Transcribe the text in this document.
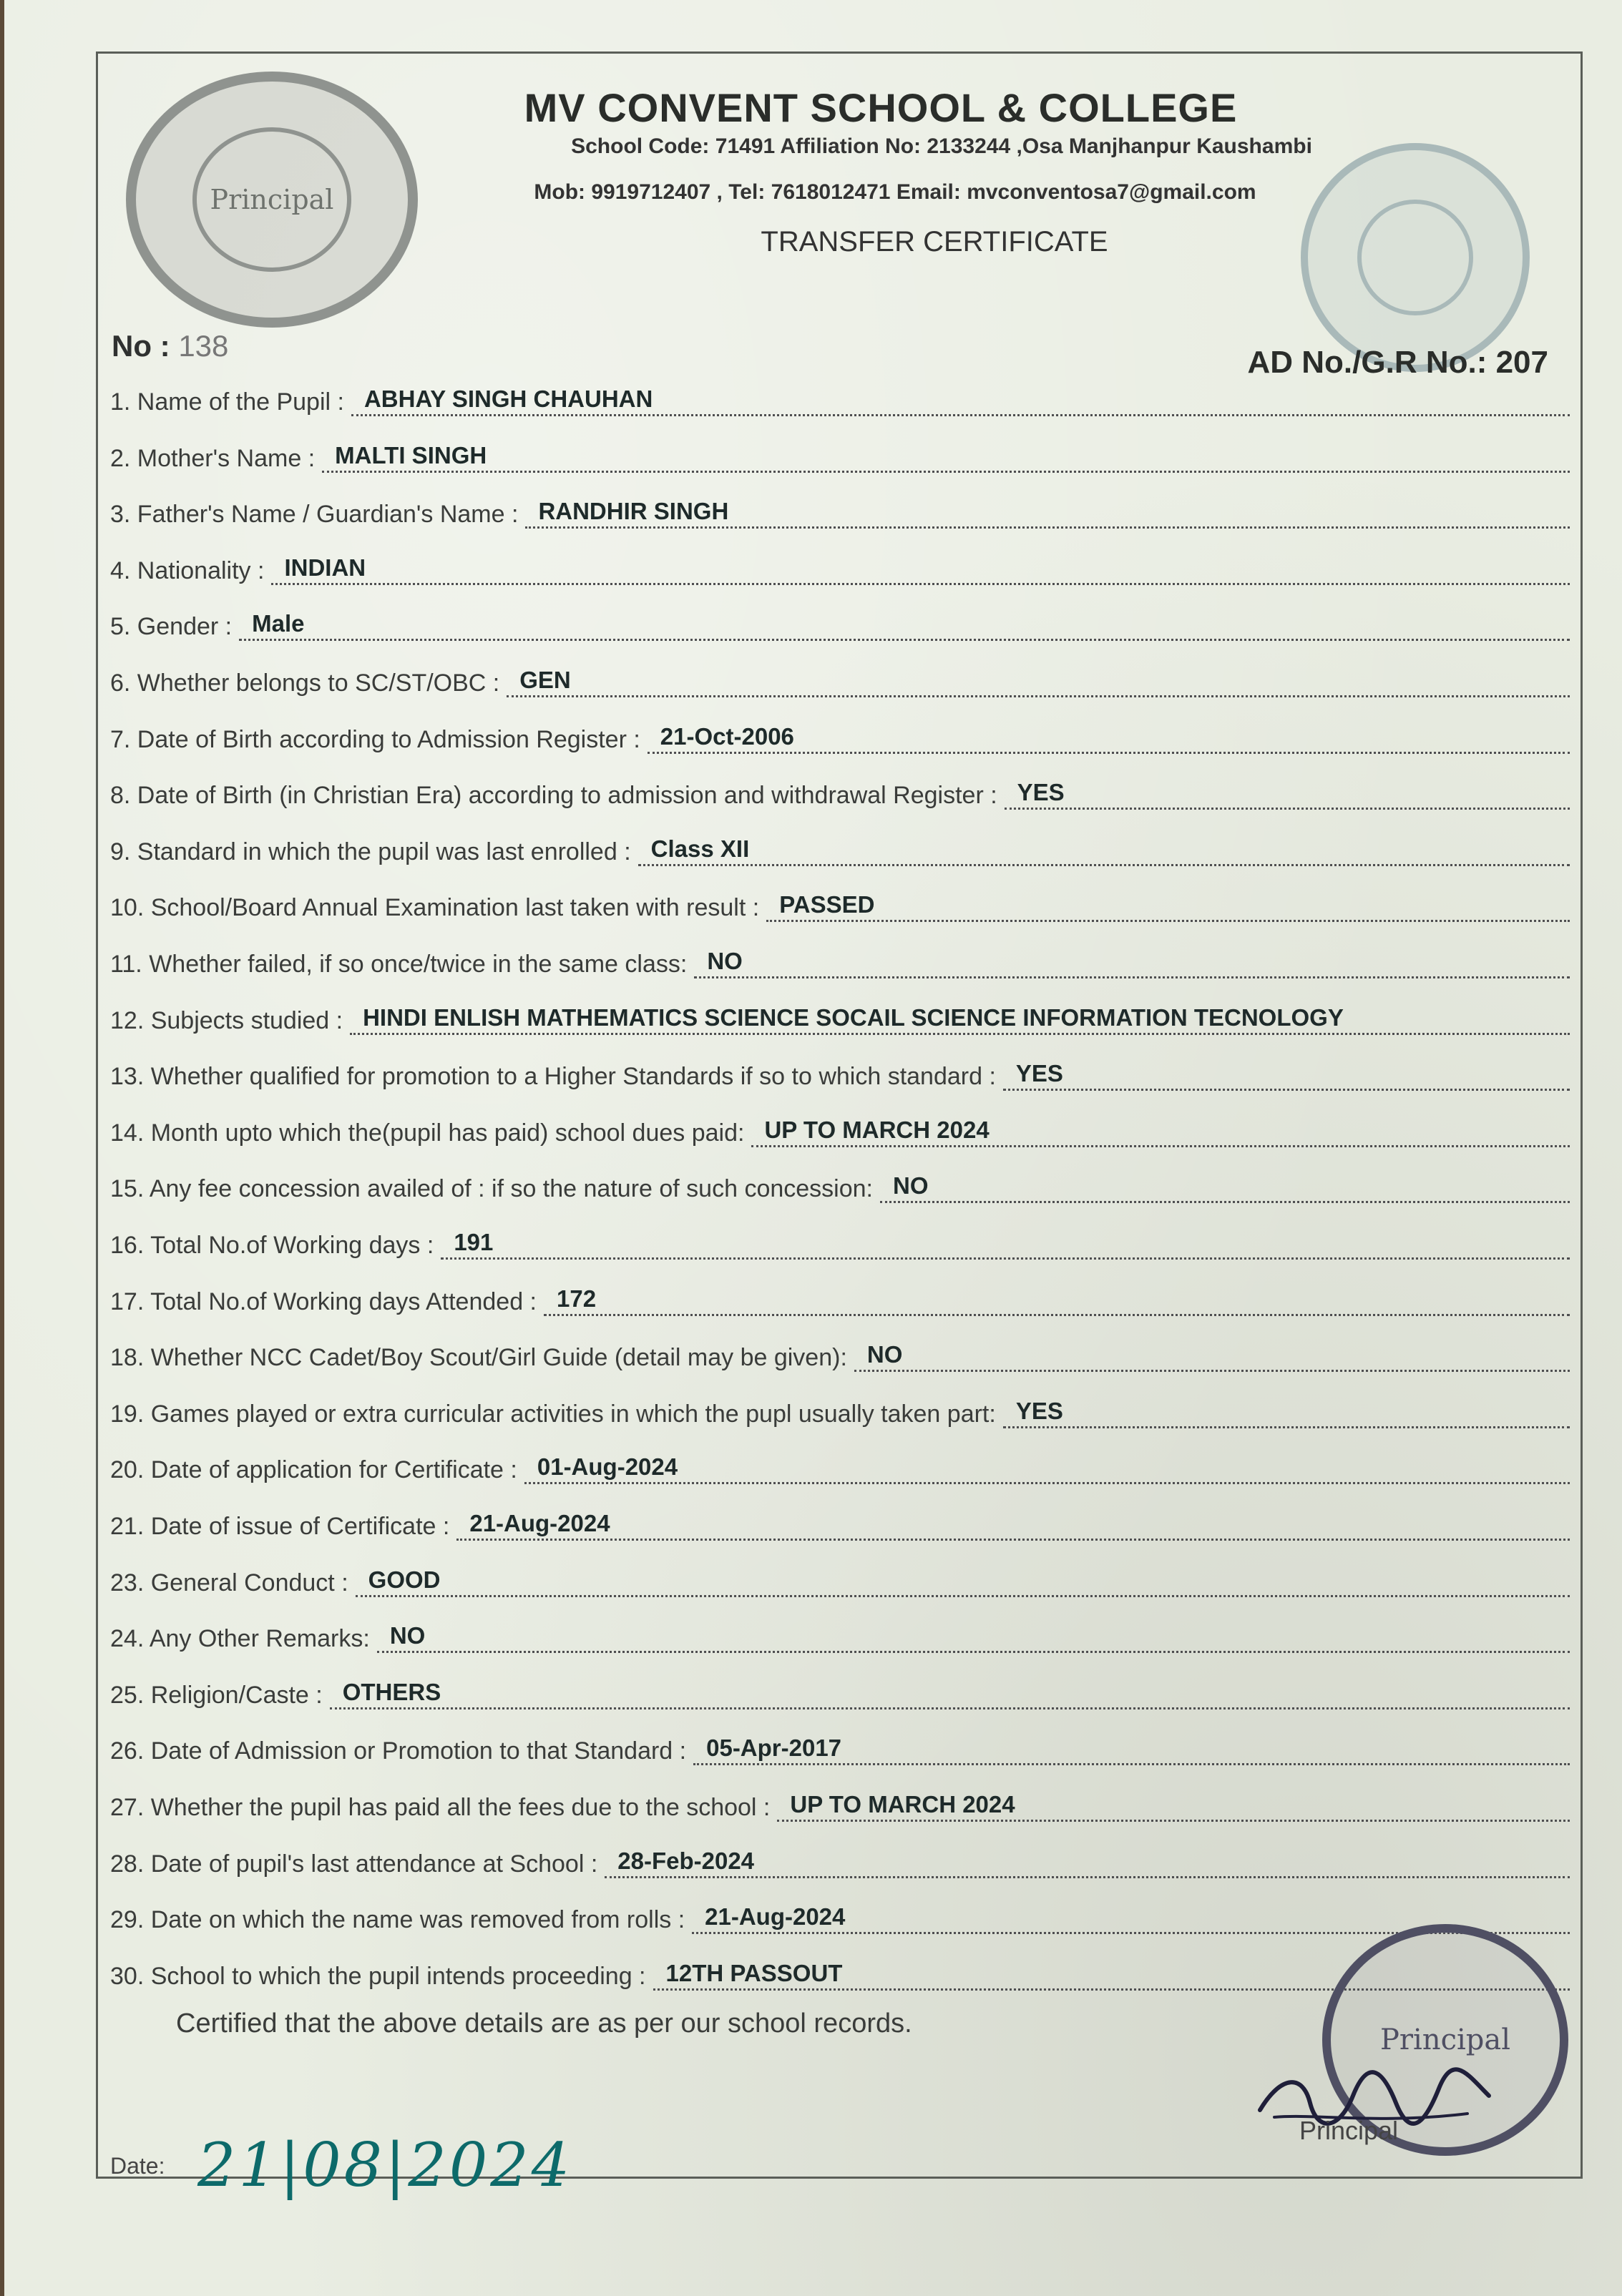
Principal
MV CONVENT SCHOOL & COLLEGE
School Code: 71491 Affiliation No: 2133244 ,Osa Manjhanpur Kaushambi
Mob: 9919712407 , Tel: 7618012471 Email: mvconventosa7@gmail.com
TRANSFER CERTIFICATE
No : 138	AD No./G.R No.: 207
1. Name of the Pupil : ABHAY SINGH CHAUHAN
2. Mother's Name : MALTI SINGH
3. Father's Name / Guardian's Name : RANDHIR SINGH
4. Nationality : INDIAN
5. Gender : Male
6. Whether belongs to SC/ST/OBC : GEN
7. Date of Birth according to Admission Register : 21-Oct-2006
8. Date of Birth (in Christian Era) according to admission and withdrawal Register : YES
9. Standard in which the pupil was last enrolled : Class XII
10. School/Board Annual Examination last taken with result : PASSED
11. Whether failed, if so once/twice in the same class: NO
12. Subjects studied : HINDI ENLISH MATHEMATICS SCIENCE SOCAIL SCIENCE INFORMATION TECNOLOGY
13. Whether qualified for promotion to a Higher Standards if so to which standard : YES
14. Month upto which the(pupil has paid) school dues paid: UP TO MARCH 2024
15. Any fee concession availed of : if so the nature of such concession: NO
16. Total No.of Working days : 191
17. Total No.of Working days Attended : 172
18. Whether NCC Cadet/Boy Scout/Girl Guide (detail may be given): NO
19. Games played or extra curricular activities in which the pupl usually taken part: YES
20. Date of application for Certificate : 01-Aug-2024
21. Date of issue of Certificate : 21-Aug-2024
23. General Conduct : GOOD
24. Any Other Remarks: NO
25. Religion/Caste : OTHERS
26. Date of Admission or Promotion to that Standard : 05-Apr-2017
27. Whether the pupil has paid all the fees due to the school : UP TO MARCH 2024
28. Date of pupil's last attendance at School : 28-Feb-2024
29. Date on which the name was removed from rolls : 21-Aug-2024
30. School to which the pupil intends proceeding : 12TH PASSOUT
Certified that the above details are as per our school records.
Date: 21|08|2024
Principal
Principal
